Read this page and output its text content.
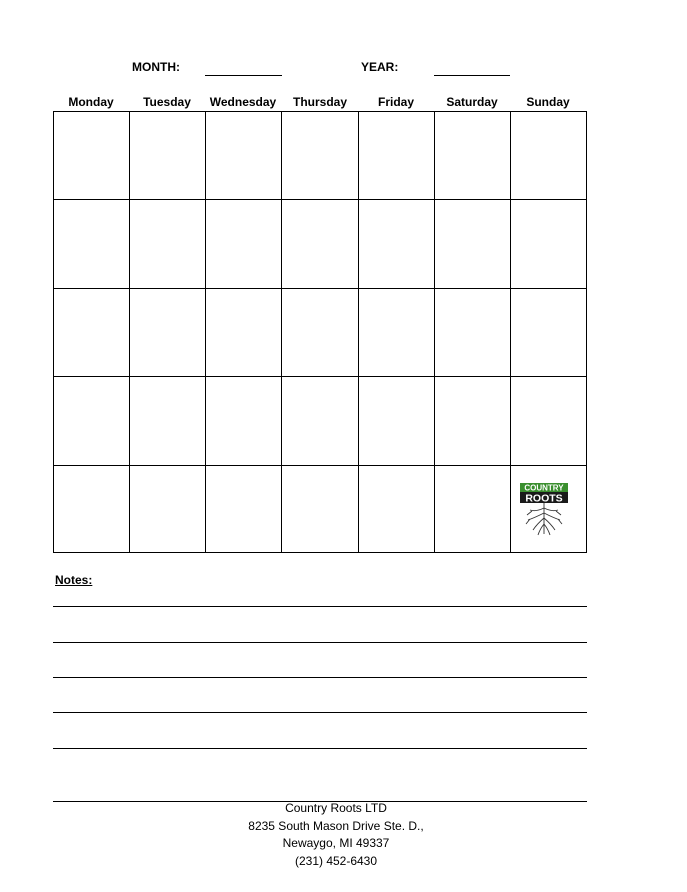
MONTH:	YEAR:
Monday	Tuesday	Wednesday	Thursday	Friday	Saturday	Sunday
COUNTRY
ROOTS
Notes:
Country Roots LTD
8235 South Mason Drive Ste. D.,
Newaygo, MI 49337
(231) 452-6430
